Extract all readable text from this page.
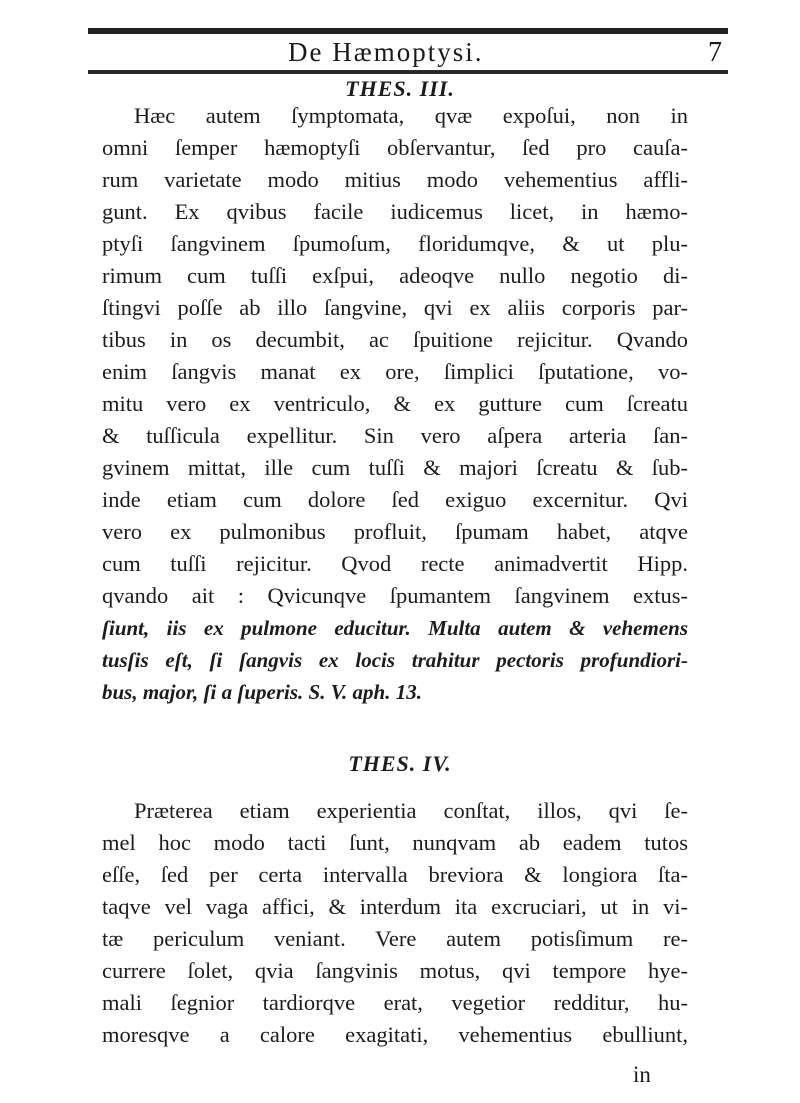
De Hæmoptysi.	7
THES. III.
Hæc autem ſymptomata, qvæ expoſui, non in
omni ſemper hæmoptyſi obſervantur, ſed pro cauſa-
rum varietate modo mitius modo vehementius affli-
gunt. Ex qvibus facile iudicemus licet, in hæmo-
ptyſi ſangvinem ſpumoſum, floridumqve, & ut plu-
rimum cum tuſſi exſpui, adeoqve nullo negotio di-
ſtingvi poſſe ab illo ſangvine, qvi ex aliis corporis par-
tibus in os decumbit, ac ſpuitione rejicitur. Qvando
enim ſangvis manat ex ore, ſimplici ſputatione, vo-
mitu vero ex ventriculo, & ex gutture cum ſcreatu
& tuſſicula expellitur. Sin vero aſpera arteria ſan-
gvinem mittat, ille cum tuſſi & majori ſcreatu & ſub-
inde etiam cum dolore ſed exiguo excernitur. Qvi
vero ex pulmonibus profluit, ſpumam habet, atqve
cum tuſſi rejicitur. Qvod recte animadvertit Hipp.
qvando ait : Qvicunqve ſpumantem ſangvinem extus-
ſiunt, iis ex pulmone educitur. Multa autem & vehemens
tusſis eſt, ſi ſangvis ex locis trahitur pectoris profundiori-
bus, major, ſi a ſuperis. S. V. aph. 13.
THES. IV.
Præterea etiam experientia conſtat, illos, qvi ſe-
mel hoc modo tacti ſunt, nunqvam ab eadem tutos
eſſe, ſed per certa intervalla breviora & longiora ſta-
taqve vel vaga affici, & interdum ita excruciari, ut in vi-
tæ periculum veniant. Vere autem potisſimum re-
currere ſolet, qvia ſangvinis motus, qvi tempore hye-
mali ſegnior tardiorqve erat, vegetior redditur, hu-
moresqve a calore exagitati, vehementius ebulliunt,
in
